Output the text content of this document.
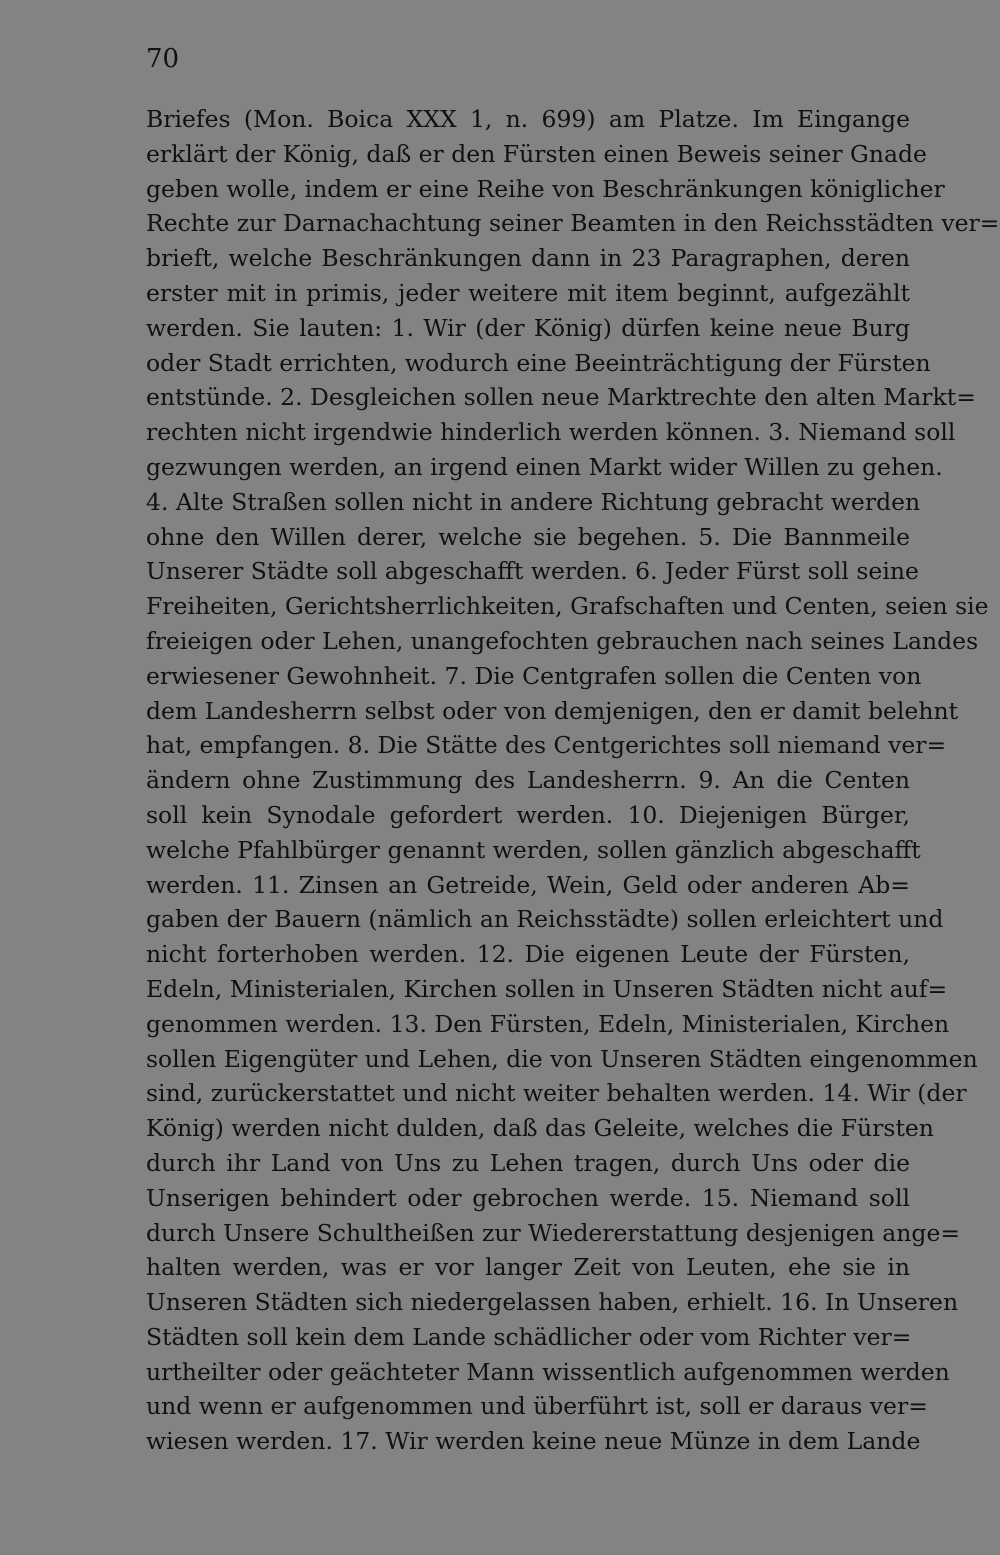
70
Briefes (Mon. Boica XXX 1, n. 699) am Platze. Im Eingange
erklärt der König, daß er den Fürsten einen Beweis seiner Gnade
geben wolle, indem er eine Reihe von Beschränkungen königlicher
Rechte zur Darnachachtung seiner Beamten in den Reichsstädten ver=
brieft, welche Beschränkungen dann in 23 Paragraphen, deren
erster mit in primis, jeder weitere mit item beginnt, aufgezählt
werden. Sie lauten: 1. Wir (der König) dürfen keine neue Burg
oder Stadt errichten, wodurch eine Beeinträchtigung der Fürsten
entstünde. 2. Desgleichen sollen neue Marktrechte den alten Markt=
rechten nicht irgendwie hinderlich werden können. 3. Niemand soll
gezwungen werden, an irgend einen Markt wider Willen zu gehen.
4. Alte Straßen sollen nicht in andere Richtung gebracht werden
ohne den Willen derer, welche sie begehen. 5. Die Bannmeile
Unserer Städte soll abgeschafft werden. 6. Jeder Fürst soll seine
Freiheiten, Gerichtsherrlichkeiten, Grafschaften und Centen, seien sie
freieigen oder Lehen, unangefochten gebrauchen nach seines Landes
erwiesener Gewohnheit. 7. Die Centgrafen sollen die Centen von
dem Landesherrn selbst oder von demjenigen, den er damit belehnt
hat, empfangen. 8. Die Stätte des Centgerichtes soll niemand ver=
ändern ohne Zustimmung des Landesherrn. 9. An die Centen
soll kein Synodale gefordert werden. 10. Diejenigen Bürger,
welche Pfahlbürger genannt werden, sollen gänzlich abgeschafft
werden. 11. Zinsen an Getreide, Wein, Geld oder anderen Ab=
gaben der Bauern (nämlich an Reichsstädte) sollen erleichtert und
nicht forterhoben werden. 12. Die eigenen Leute der Fürsten,
Edeln, Ministerialen, Kirchen sollen in Unseren Städten nicht auf=
genommen werden. 13. Den Fürsten, Edeln, Ministerialen, Kirchen
sollen Eigengüter und Lehen, die von Unseren Städten eingenommen
sind, zurückerstattet und nicht weiter behalten werden. 14. Wir (der
König) werden nicht dulden, daß das Geleite, welches die Fürsten
durch ihr Land von Uns zu Lehen tragen, durch Uns oder die
Unserigen behindert oder gebrochen werde. 15. Niemand soll
durch Unsere Schultheißen zur Wiedererstattung desjenigen ange=
halten werden, was er vor langer Zeit von Leuten, ehe sie in
Unseren Städten sich niedergelassen haben, erhielt. 16. In Unseren
Städten soll kein dem Lande schädlicher oder vom Richter ver=
urtheilter oder geächteter Mann wissentlich aufgenommen werden
und wenn er aufgenommen und überführt ist, soll er daraus ver=
wiesen werden. 17. Wir werden keine neue Münze in dem Lande
